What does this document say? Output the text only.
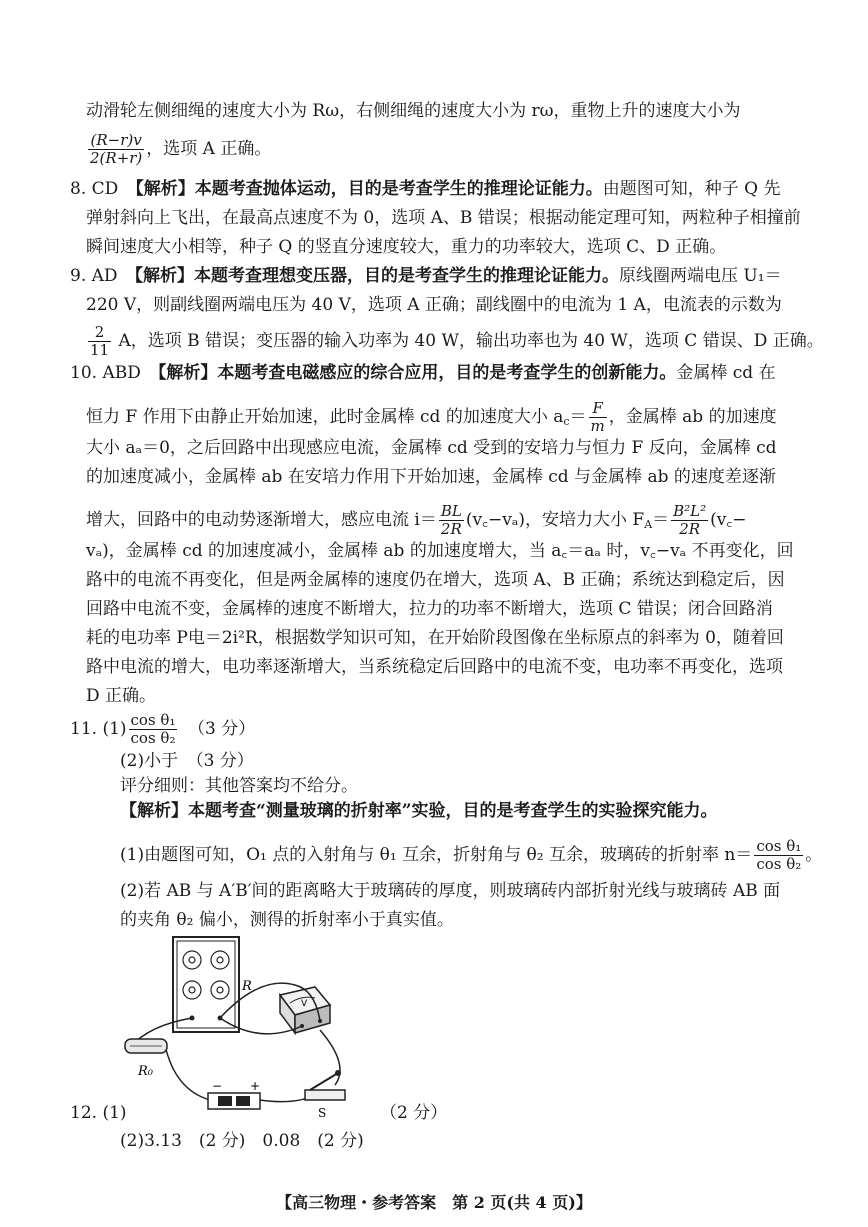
动滑轮左侧细绳的速度大小为 Rω，右侧细绳的速度大小为 rω，重物上升的速度大小为
$\frac{(R-r)v}{2(R+r)}$ ，选项 A 正确。
8. CD　 【解析】本题考查抛体运动，目的是考查学生的推理论证能力。由题图可知，种子 Q 先
弹射斜向上飞出，在最高点速度不为 0，选项 A、B 错误；根据动能定理可知，两粒种子相撞前
瞬间速度大小相等，种子 Q 的竖直分速度较大，重力的功率较大，选项 C、D 正确。
9. AD　 【解析】本题考查理想变压器，目的是考查学生的推理论证能力。原线圈两端电压 U₁＝
220 V，则副线圈两端电压为 40 V，选项 A 正确；副线圈中的电流为 1 A，电流表的示数为
$\frac{2}{11}$ A，选项 B 错误；变压器的输入功率为 40 W，输出功率也为 40 W，选项 C 错误、D 正确。
10. ABD　 【解析】本题考查电磁感应的综合应用，目的是考查学生的创新能力。金属棒 cd 在
恒力 F 作用下由静止开始加速，此时金属棒 cd 的加速度大小 $a_c= \frac{F}{m}$ ，金属棒 ab 的加速度
大小 aₐ＝0，之后回路中出现感应电流，金属棒 cd 受到的安培力与恒力 F 反向，金属棒 cd
的加速度减小，金属棒 ab 在安培力作用下开始加速，金属棒 cd 与金属棒 ab 的速度差逐渐
增大，回路中的电动势逐渐增大，感应电流 $i= \frac{BL}{2R}$ (v꜀−vₐ)，安培力大小 $F_A= \frac{\text{B²L²}}{2R}$ (v꜀−
vₐ)，金属棒 cd 的加速度减小，金属棒 ab 的加速度增大，当 a꜀＝aₐ 时，v꜀−vₐ 不再变化，回
路中的电流不再变化，但是两金属棒的速度仍在增大，选项 A、B 正确；系统达到稳定后，因
回路中电流不变，金属棒的速度不断增大，拉力的功率不断增大，选项 C 错误；闭合回路消
耗的电功率 P电＝2i²R，根据数学知识可知，在开始阶段图像在坐标原点的斜率为 0，随着回
路中电流的增大，电功率逐渐增大，当系统稳定后回路中的电流不变，电功率不再变化，选项
D 正确。
11. $(1) \frac{\text{cos θ₁}}{\text{cos θ₂}}$
　 （3 分）
(2)小于　（3 分）
评分细则：其他答案均不给分。
【解析】本题考查“测量玻璃的折射率”实验，目的是考查学生的实验探究能力。
(1)由题图可知，O₁ 点的入射角与 θ₁ 互余，折射角与 θ₂ 互余，玻璃砖的折射率 $n= \frac{\text{cos θ₁}}{\text{cos θ₂}}$ 。
(2)若 AB 与 A′B′间的距离略大于玻璃砖的厚度，则玻璃砖内部折射光线与玻璃砖 AB 面
的夹角 θ₂ 偏小，测得的折射率小于真实值。
R
V
R₀
− +
S
12. (1)	（2 分）
(2)3.13　(2 分)　0.08　(2 分)
【高三物理・参考答案　第 2 页(共 4 页)】
